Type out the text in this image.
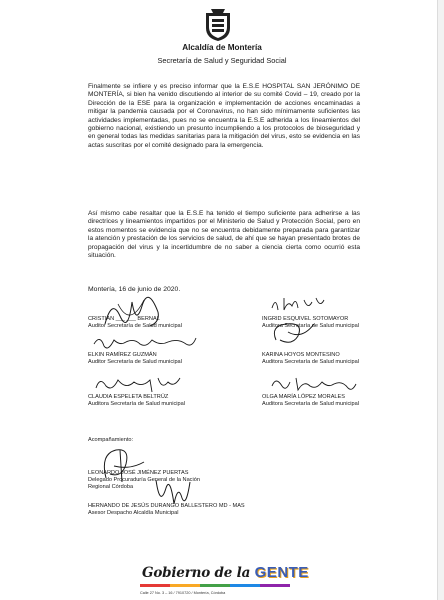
Alcaldía de Montería
Secretaría de Salud y Seguridad Social
Finalmente se infiere y es preciso informar que la E.S.E HOSPITAL SAN JERÓNIMO DE MONTERÍA, si bien ha venido discutiendo al interior de su comité Covid – 19, creado por la Dirección de la ESE para la organización e implementación de acciones encaminadas a mitigar la pandemia causada por el Coronavirus, no han sido mínimamente suficientes las actividades implementadas, pues no se encuentra la E.S.E adherida a los lineamientos del gobierno nacional, existiendo un presunto incumpliendo a los protocolos de bioseguridad y en general todas las medidas sanitarias para la mitigación del virus, esto se evidencia en las actas suscritas por el comité designado para la emergencia.
Así mismo cabe resaltar que la E.S.E ha tenido el tiempo suficiente para adherirse a las directrices y lineamientos impartidos por el Ministerio de Salud y Protección Social, pero en estos momentos se evidencia que no se encuentra debidamente preparada para garantizar la atención y prestación de los servicios de salud, de ahí que se hayan presentado brotes de propagación del virus y la incertidumbre de no saber a ciencia cierta como ocurrió esta situación.
Montería, 16 de junio de 2020.
CRISTIAN ___ ___ BERNAL
Auditor Secretaría de Salud municipal
INGRID ESQUIVEL SOTOMAYOR
Auditora Secretaría de Salud municipal
ELKIN RAMÍREZ GUZMÁN
Auditor Secretaría de Salud municipal
KARINA HOYOS MONTESINO
Auditora Secretaría de Salud municipal
CLAUDIA ESPELETA BELTRÚZ
Auditora Secretaría de Salud municipal
OLGA MARÍA LÓPEZ MORALES
Auditora Secretaría de Salud municipal
Acompañamiento:
LEONARDO JOSÉ JIMÉNEZ PUERTAS
Delegado Procuraduría General de la Nación
Regional Córdoba
HERNANDO DE JESÚS DURANGO BALLESTERO MD - MAS
Asesor Despacho Alcaldía Municipal
Gobierno de la GENTE
Calle 27 No. 3 – 16 / 7910720 / Montería, Córdoba
